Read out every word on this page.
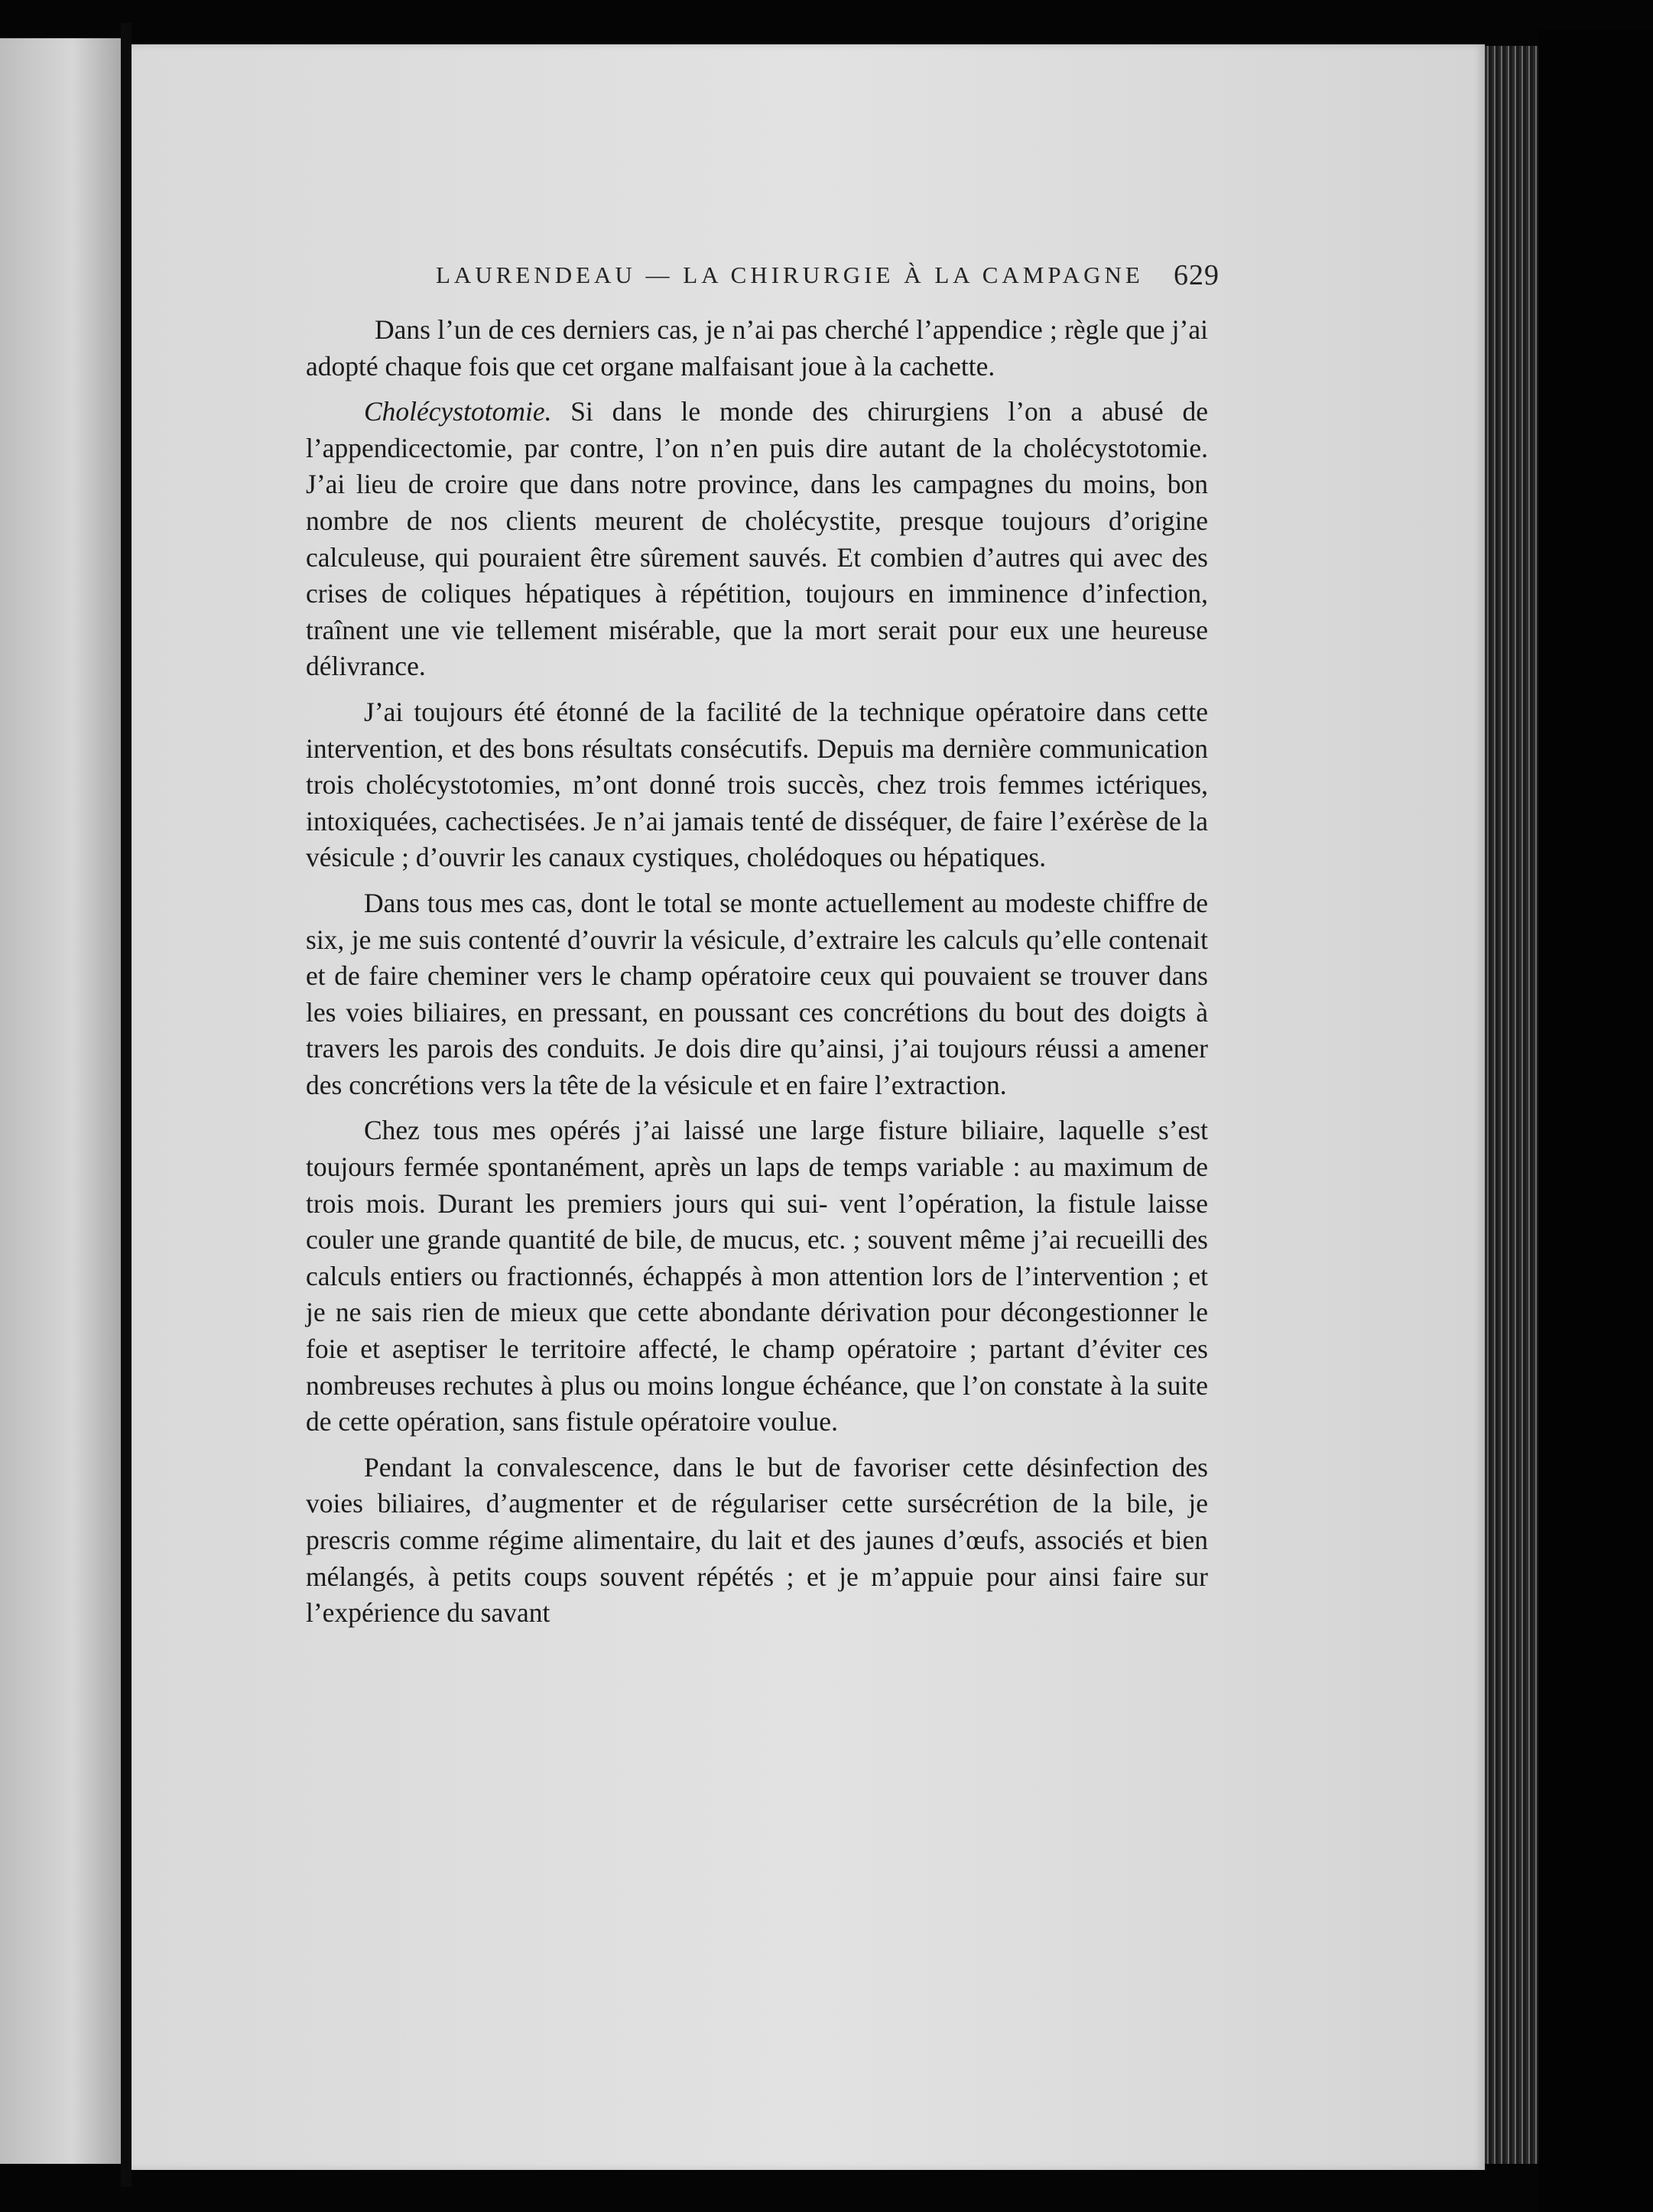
LAURENDEAU — LA CHIRURGIE À LA CAMPAGNE 629

Dans l’un de ces derniers cas, je n’ai pas cherché l’appendice ; règle que j’ai adopté chaque fois que cet organe malfaisant joue à la cachette.

Cholécystotomie. Si dans le monde des chirurgiens l’on a abusé de l’appendicectomie, par contre, l’on n’en puis dire autant de la cholécystotomie. J’ai lieu de croire que dans notre province, dans les campagnes du moins, bon nombre de nos clients meurent de cholécystite, presque toujours d’origine calculeuse, qui pouraient être sûrement sauvés. Et combien d’autres qui avec des crises de coliques hépatiques à répétition, toujours en imminence d’infection, traînent une vie tellement misérable, que la mort serait pour eux une heureuse délivrance.

J’ai toujours été étonné de la facilité de la technique opératoire dans cette intervention, et des bons résultats consécutifs. Depuis ma dernière communication trois cholécystotomies, m’ont donné trois succès, chez trois femmes ictériques, intoxiquées, cachectisées. Je n’ai jamais tenté de disséquer, de faire l’exérèse de la vésicule ; d’ouvrir les canaux cystiques, cholédoques ou hépatiques.

Dans tous mes cas, dont le total se monte actuellement au modeste chiffre de six, je me suis contenté d’ouvrir la vésicule, d’extraire les calculs qu’elle contenait et de faire cheminer vers le champ opératoire ceux qui pouvaient se trouver dans les voies biliaires, en pressant, en poussant ces concrétions du bout des doigts à travers les parois des conduits. Je dois dire qu’ainsi, j’ai toujours réussi a amener des concrétions vers la tête de la vésicule et en faire l’extraction.

Chez tous mes opérés j’ai laissé une large fisture biliaire, laquelle s’est toujours fermée spontanément, après un laps de temps variable : au maximum de trois mois. Durant les premiers jours qui sui- vent l’opération, la fistule laisse couler une grande quantité de bile, de mucus, etc. ; souvent même j’ai recueilli des calculs entiers ou fractionnés, échappés à mon attention lors de l’intervention ; et je ne sais rien de mieux que cette abondante dérivation pour décongestionner le foie et aseptiser le territoire affecté, le champ opératoire ; partant d’éviter ces nombreuses rechutes à plus ou moins longue échéance, que l’on constate à la suite de cette opération, sans fistule opératoire voulue.

Pendant la convalescence, dans le but de favoriser cette désinfection des voies biliaires, d’augmenter et de régulariser cette sursécrétion de la bile, je prescris comme régime alimentaire, du lait et des jaunes d’œufs, associés et bien mélangés, à petits coups souvent répétés ; et je m’appuie pour ainsi faire sur l’expérience du savant
